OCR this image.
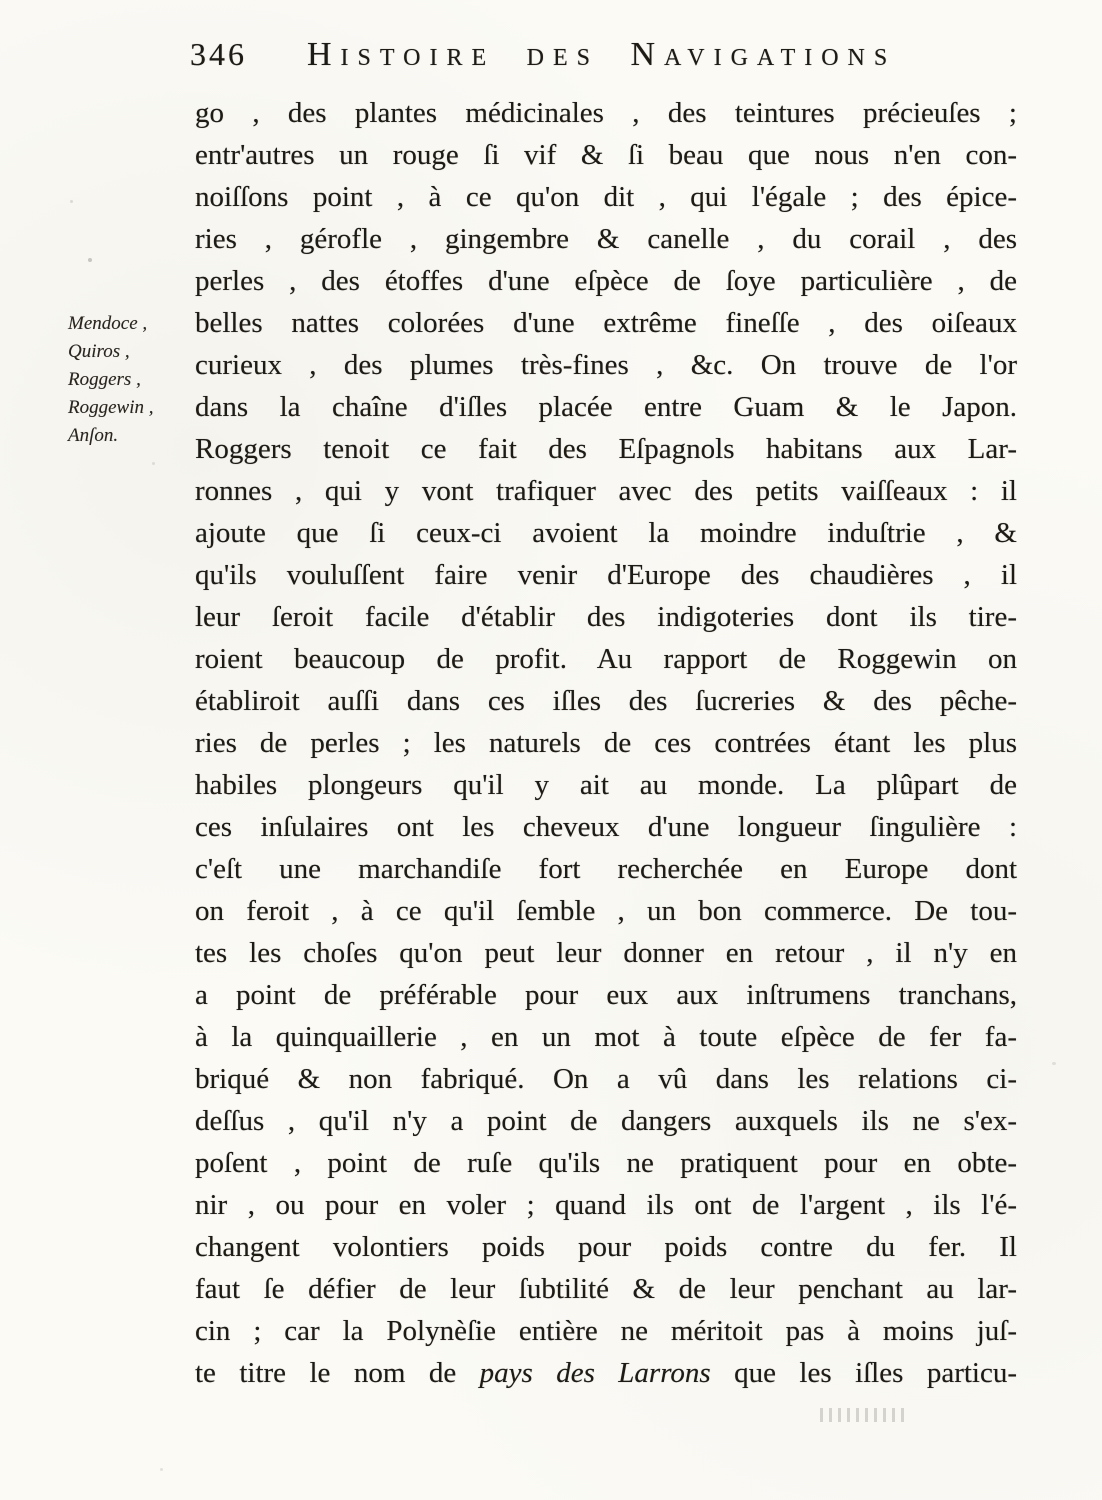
346 Histoire des Navigations
Mendoce ,
Quiros ,
Roggers ,
Roggewin ,
Anſon.
go , des plantes médicinales , des teintures précieuſes ;
entr'autres un rouge ſi vif & ſi beau que nous n'en con-
noiſſons point , à ce qu'on dit , qui l'égale ; des épice-
ries , gérofle , gingembre & canelle , du corail , des
perles , des étoffes d'une eſpèce de ſoye particulière , de
belles nattes colorées d'une extrême fineſſe , des oiſeaux
curieux , des plumes très-fines , &c. On trouve de l'or
dans la chaîne d'iſles placée entre Guam & le Japon.
Roggers tenoit ce fait des Eſpagnols habitans aux Lar-
ronnes , qui y vont trafiquer avec des petits vaiſſeaux : il
ajoute que ſi ceux-ci avoient la moindre induſtrie , &
qu'ils vouluſſent faire venir d'Europe des chaudières , il
leur ſeroit facile d'établir des indigoteries dont ils tire-
roient beaucoup de profit. Au rapport de Roggewin on
établiroit auſſi dans ces iſles des ſucreries & des pêche-
ries de perles ; les naturels de ces contrées étant les plus
habiles plongeurs qu'il y ait au monde. La plûpart de
ces inſulaires ont les cheveux d'une longueur ſingulière :
c'eſt une marchandiſe fort recherchée en Europe dont
on feroit , à ce qu'il ſemble , un bon commerce. De tou-
tes les choſes qu'on peut leur donner en retour , il n'y en
a point de préférable pour eux aux inſtrumens tranchans,
à la quinquaillerie , en un mot à toute eſpèce de fer fa-
briqué & non fabriqué. On a vû dans les relations ci-
deſſus , qu'il n'y a point de dangers auxquels ils ne s'ex-
poſent , point de ruſe qu'ils ne pratiquent pour en obte-
nir , ou pour en voler ; quand ils ont de l'argent , ils l'é-
changent volontiers poids pour poids contre du fer. Il
faut ſe défier de leur ſubtilité & de leur penchant au lar-
cin ; car la Polynèſie entière ne méritoit pas à moins juſ-
te titre le nom de pays des Larrons que les iſles particu-
